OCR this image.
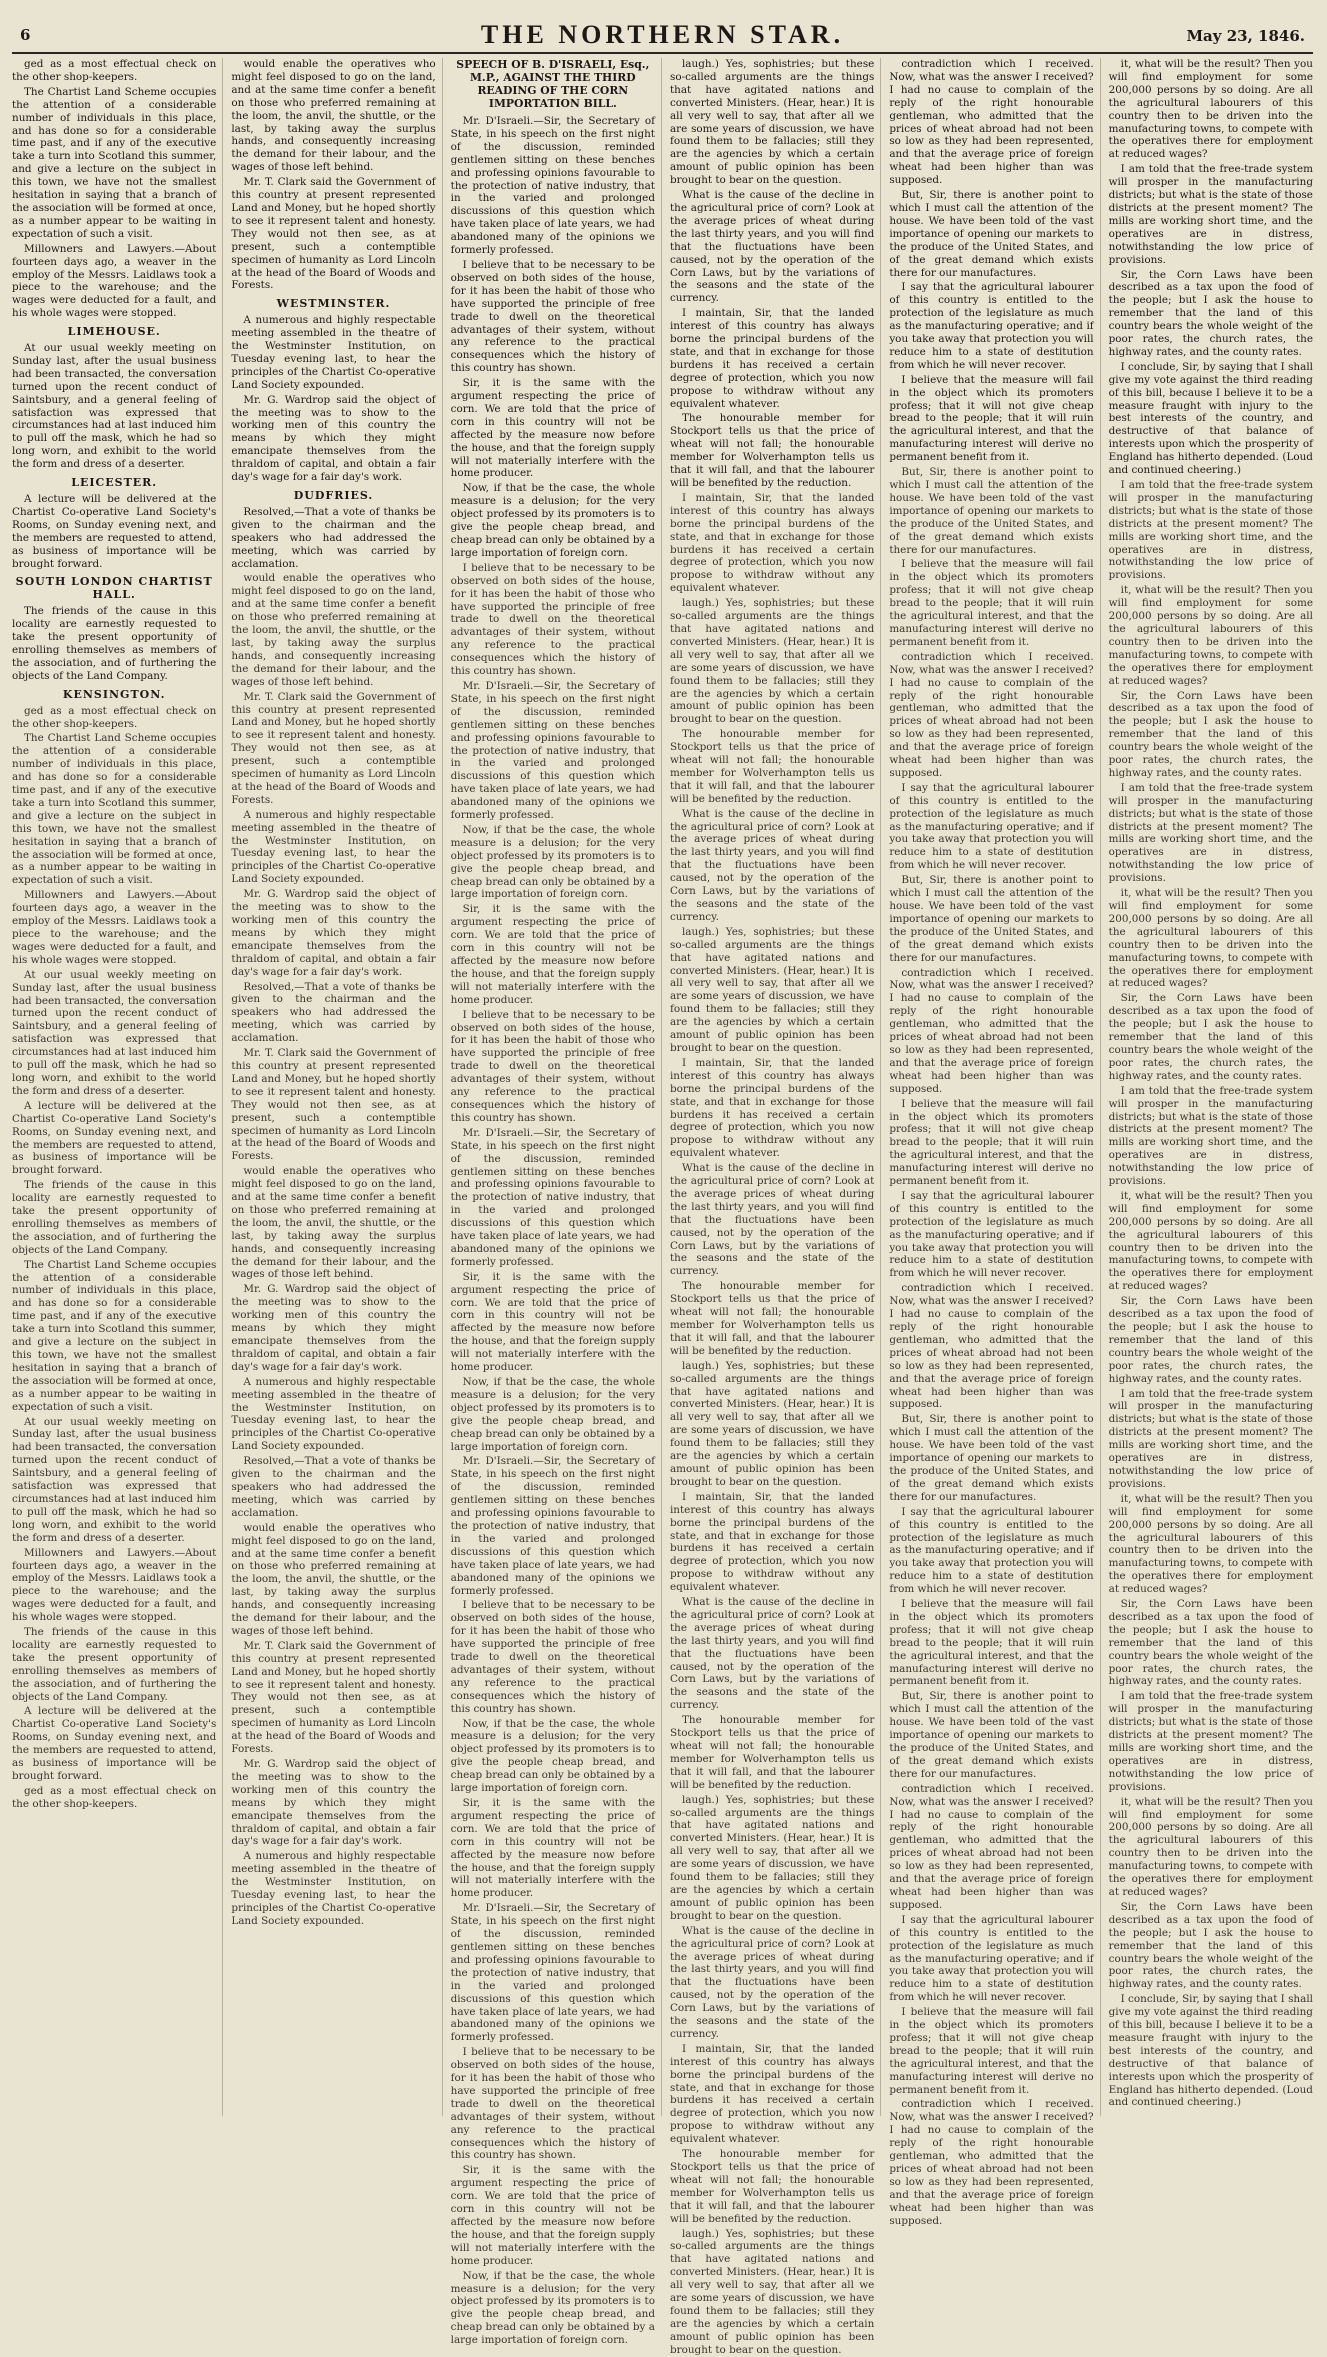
6	THE NORTHERN STAR.	May 23, 1846.

ged as a most effectual check on the other shop-keepers.

The Chartist Land Scheme occupies the attention of a considerable number of individuals in this place, and has done so for a considerable time past, and if any of the executive take a turn into Scotland this summer, and give a lecture on the subject in this town, we have not the smallest hesitation in saying that a branch of the association will be formed at once, as a number appear to be waiting in expectation of such a visit.

Millowners and Lawyers.—About fourteen days ago, a weaver in the employ of the Messrs. Laidlaws took a piece to the warehouse; and the wages were deducted for a fault, and his whole wages were stopped.

LIMEHOUSE.

At our usual weekly meeting on Sunday last, after the usual business had been transacted, the conversation turned upon the recent conduct of Saintsbury, and a general feeling of satisfaction was expressed that circumstances had at last induced him to pull off the mask, which he had so long worn, and exhibit to the world the form and dress of a deserter.

LEICESTER.

A lecture will be delivered at the Chartist Co-operative Land Society's Rooms, on Sunday evening next, and the members are requested to attend, as business of importance will be brought forward.

SOUTH LONDON CHARTIST HALL.

The friends of the cause in this locality are earnestly requested to take the present opportunity of enrolling themselves as members of the association, and of furthering the objects of the Land Company.

KENSINGTON.

ged as a most effectual check on the other shop-keepers.

The Chartist Land Scheme occupies the attention of a considerable number of individuals in this place, and has done so for a considerable time past, and if any of the executive take a turn into Scotland this summer, and give a lecture on the subject in this town, we have not the smallest hesitation in saying that a branch of the association will be formed at once, as a number appear to be waiting in expectation of such a visit.

Millowners and Lawyers.—About fourteen days ago, a weaver in the employ of the Messrs. Laidlaws took a piece to the warehouse; and the wages were deducted for a fault, and his whole wages were stopped.

At our usual weekly meeting on Sunday last, after the usual business had been transacted, the conversation turned upon the recent conduct of Saintsbury, and a general feeling of satisfaction was expressed that circumstances had at last induced him to pull off the mask, which he had so long worn, and exhibit to the world the form and dress of a deserter.

A lecture will be delivered at the Chartist Co-operative Land Society's Rooms, on Sunday evening next, and the members are requested to attend, as business of importance will be brought forward.

The friends of the cause in this locality are earnestly requested to take the present opportunity of enrolling themselves as members of the association, and of furthering the objects of the Land Company.

The Chartist Land Scheme occupies the attention of a considerable number of individuals in this place, and has done so for a considerable time past, and if any of the executive take a turn into Scotland this summer, and give a lecture on the subject in this town, we have not the smallest hesitation in saying that a branch of the association will be formed at once, as a number appear to be waiting in expectation of such a visit.

At our usual weekly meeting on Sunday last, after the usual business had been transacted, the conversation turned upon the recent conduct of Saintsbury, and a general feeling of satisfaction was expressed that circumstances had at last induced him to pull off the mask, which he had so long worn, and exhibit to the world the form and dress of a deserter.

Millowners and Lawyers.—About fourteen days ago, a weaver in the employ of the Messrs. Laidlaws took a piece to the warehouse; and the wages were deducted for a fault, and his whole wages were stopped.

The friends of the cause in this locality are earnestly requested to take the present opportunity of enrolling themselves as members of the association, and of furthering the objects of the Land Company.

A lecture will be delivered at the Chartist Co-operative Land Society's Rooms, on Sunday evening next, and the members are requested to attend, as business of importance will be brought forward.

ged as a most effectual check on the other shop-keepers.

would enable the operatives who might feel disposed to go on the land, and at the same time confer a benefit on those who preferred remaining at the loom, the anvil, the shuttle, or the last, by taking away the surplus hands, and consequently increasing the demand for their labour, and the wages of those left behind.

Mr. T. Clark said the Government of this country at present represented Land and Money, but he hoped shortly to see it represent talent and honesty. They would not then see, as at present, such a contemptible specimen of humanity as Lord Lincoln at the head of the Board of Woods and Forests.

WESTMINSTER.

A numerous and highly respectable meeting assembled in the theatre of the Westminster Institution, on Tuesday evening last, to hear the principles of the Chartist Co-operative Land Society expounded.

Mr. G. Wardrop said the object of the meeting was to show to the working men of this country the means by which they might emancipate themselves from the thraldom of capital, and obtain a fair day's wage for a fair day's work.

DUDFRIES.

Resolved,—That a vote of thanks be given to the chairman and the speakers who had addressed the meeting, which was carried by acclamation.

would enable the operatives who might feel disposed to go on the land, and at the same time confer a benefit on those who preferred remaining at the loom, the anvil, the shuttle, or the last, by taking away the surplus hands, and consequently increasing the demand for their labour, and the wages of those left behind.

Mr. T. Clark said the Government of this country at present represented Land and Money, but he hoped shortly to see it represent talent and honesty. They would not then see, as at present, such a contemptible specimen of humanity as Lord Lincoln at the head of the Board of Woods and Forests.

A numerous and highly respectable meeting assembled in the theatre of the Westminster Institution, on Tuesday evening last, to hear the principles of the Chartist Co-operative Land Society expounded.

Mr. G. Wardrop said the object of the meeting was to show to the working men of this country the means by which they might emancipate themselves from the thraldom of capital, and obtain a fair day's wage for a fair day's work.

Resolved,—That a vote of thanks be given to the chairman and the speakers who had addressed the meeting, which was carried by acclamation.

Mr. T. Clark said the Government of this country at present represented Land and Money, but he hoped shortly to see it represent talent and honesty. They would not then see, as at present, such a contemptible specimen of humanity as Lord Lincoln at the head of the Board of Woods and Forests.

would enable the operatives who might feel disposed to go on the land, and at the same time confer a benefit on those who preferred remaining at the loom, the anvil, the shuttle, or the last, by taking away the surplus hands, and consequently increasing the demand for their labour, and the wages of those left behind.

Mr. G. Wardrop said the object of the meeting was to show to the working men of this country the means by which they might emancipate themselves from the thraldom of capital, and obtain a fair day's wage for a fair day's work.

A numerous and highly respectable meeting assembled in the theatre of the Westminster Institution, on Tuesday evening last, to hear the principles of the Chartist Co-operative Land Society expounded.

Resolved,—That a vote of thanks be given to the chairman and the speakers who had addressed the meeting, which was carried by acclamation.

would enable the operatives who might feel disposed to go on the land, and at the same time confer a benefit on those who preferred remaining at the loom, the anvil, the shuttle, or the last, by taking away the surplus hands, and consequently increasing the demand for their labour, and the wages of those left behind.

Mr. T. Clark said the Government of this country at present represented Land and Money, but he hoped shortly to see it represent talent and honesty. They would not then see, as at present, such a contemptible specimen of humanity as Lord Lincoln at the head of the Board of Woods and Forests.

Mr. G. Wardrop said the object of the meeting was to show to the working men of this country the means by which they might emancipate themselves from the thraldom of capital, and obtain a fair day's wage for a fair day's work.

A numerous and highly respectable meeting assembled in the theatre of the Westminster Institution, on Tuesday evening last, to hear the principles of the Chartist Co-operative Land Society expounded.

SPEECH OF B. D'ISRAELI, Esq., M.P., AGAINST THE THIRD READING OF THE CORN IMPORTATION BILL.

Mr. D'Israeli.—Sir, the Secretary of State, in his speech on the first night of the discussion, reminded gentlemen sitting on these benches and professing opinions favourable to the protection of native industry, that in the varied and prolonged discussions of this question which have taken place of late years, we had abandoned many of the opinions we formerly professed.

I believe that to be necessary to be observed on both sides of the house, for it has been the habit of those who have supported the principle of free trade to dwell on the theoretical advantages of their system, without any reference to the practical consequences which the history of this country has shown.

Sir, it is the same with the argument respecting the price of corn. We are told that the price of corn in this country will not be affected by the measure now before the house, and that the foreign supply will not materially interfere with the home producer.

Now, if that be the case, the whole measure is a delusion; for the very object professed by its promoters is to give the people cheap bread, and cheap bread can only be obtained by a large importation of foreign corn.

I believe that to be necessary to be observed on both sides of the house, for it has been the habit of those who have supported the principle of free trade to dwell on the theoretical advantages of their system, without any reference to the practical consequences which the history of this country has shown.

Mr. D'Israeli.—Sir, the Secretary of State, in his speech on the first night of the discussion, reminded gentlemen sitting on these benches and professing opinions favourable to the protection of native industry, that in the varied and prolonged discussions of this question which have taken place of late years, we had abandoned many of the opinions we formerly professed.

Now, if that be the case, the whole measure is a delusion; for the very object professed by its promoters is to give the people cheap bread, and cheap bread can only be obtained by a large importation of foreign corn.

Sir, it is the same with the argument respecting the price of corn. We are told that the price of corn in this country will not be affected by the measure now before the house, and that the foreign supply will not materially interfere with the home producer.

I believe that to be necessary to be observed on both sides of the house, for it has been the habit of those who have supported the principle of free trade to dwell on the theoretical advantages of their system, without any reference to the practical consequences which the history of this country has shown.

Mr. D'Israeli.—Sir, the Secretary of State, in his speech on the first night of the discussion, reminded gentlemen sitting on these benches and professing opinions favourable to the protection of native industry, that in the varied and prolonged discussions of this question which have taken place of late years, we had abandoned many of the opinions we formerly professed.

Sir, it is the same with the argument respecting the price of corn. We are told that the price of corn in this country will not be affected by the measure now before the house, and that the foreign supply will not materially interfere with the home producer.

Now, if that be the case, the whole measure is a delusion; for the very object professed by its promoters is to give the people cheap bread, and cheap bread can only be obtained by a large importation of foreign corn.

Mr. D'Israeli.—Sir, the Secretary of State, in his speech on the first night of the discussion, reminded gentlemen sitting on these benches and professing opinions favourable to the protection of native industry, that in the varied and prolonged discussions of this question which have taken place of late years, we had abandoned many of the opinions we formerly professed.

I believe that to be necessary to be observed on both sides of the house, for it has been the habit of those who have supported the principle of free trade to dwell on the theoretical advantages of their system, without any reference to the practical consequences which the history of this country has shown.

Now, if that be the case, the whole measure is a delusion; for the very object professed by its promoters is to give the people cheap bread, and cheap bread can only be obtained by a large importation of foreign corn.

Sir, it is the same with the argument respecting the price of corn. We are told that the price of corn in this country will not be affected by the measure now before the house, and that the foreign supply will not materially interfere with the home producer.

Mr. D'Israeli.—Sir, the Secretary of State, in his speech on the first night of the discussion, reminded gentlemen sitting on these benches and professing opinions favourable to the protection of native industry, that in the varied and prolonged discussions of this question which have taken place of late years, we had abandoned many of the opinions we formerly professed.

I believe that to be necessary to be observed on both sides of the house, for it has been the habit of those who have supported the principle of free trade to dwell on the theoretical advantages of their system, without any reference to the practical consequences which the history of this country has shown.

Sir, it is the same with the argument respecting the price of corn. We are told that the price of corn in this country will not be affected by the measure now before the house, and that the foreign supply will not materially interfere with the home producer.

Now, if that be the case, the whole measure is a delusion; for the very object professed by its promoters is to give the people cheap bread, and cheap bread can only be obtained by a large importation of foreign corn.

laugh.) Yes, sophistries; but these so-called arguments are the things that have agitated nations and converted Ministers. (Hear, hear.) It is all very well to say, that after all we are some years of discussion, we have found them to be fallacies; still they are the agencies by which a certain amount of public opinion has been brought to bear on the question.

What is the cause of the decline in the agricultural price of corn? Look at the average prices of wheat during the last thirty years, and you will find that the fluctuations have been caused, not by the operation of the Corn Laws, but by the variations of the seasons and the state of the currency.

I maintain, Sir, that the landed interest of this country has always borne the principal burdens of the state, and that in exchange for those burdens it has received a certain degree of protection, which you now propose to withdraw without any equivalent whatever.

The honourable member for Stockport tells us that the price of wheat will not fall; the honourable member for Wolverhampton tells us that it will fall, and that the labourer will be benefited by the reduction.

I maintain, Sir, that the landed interest of this country has always borne the principal burdens of the state, and that in exchange for those burdens it has received a certain degree of protection, which you now propose to withdraw without any equivalent whatever.

laugh.) Yes, sophistries; but these so-called arguments are the things that have agitated nations and converted Ministers. (Hear, hear.) It is all very well to say, that after all we are some years of discussion, we have found them to be fallacies; still they are the agencies by which a certain amount of public opinion has been brought to bear on the question.

The honourable member for Stockport tells us that the price of wheat will not fall; the honourable member for Wolverhampton tells us that it will fall, and that the labourer will be benefited by the reduction.

What is the cause of the decline in the agricultural price of corn? Look at the average prices of wheat during the last thirty years, and you will find that the fluctuations have been caused, not by the operation of the Corn Laws, but by the variations of the seasons and the state of the currency.

laugh.) Yes, sophistries; but these so-called arguments are the things that have agitated nations and converted Ministers. (Hear, hear.) It is all very well to say, that after all we are some years of discussion, we have found them to be fallacies; still they are the agencies by which a certain amount of public opinion has been brought to bear on the question.

I maintain, Sir, that the landed interest of this country has always borne the principal burdens of the state, and that in exchange for those burdens it has received a certain degree of protection, which you now propose to withdraw without any equivalent whatever.

What is the cause of the decline in the agricultural price of corn? Look at the average prices of wheat during the last thirty years, and you will find that the fluctuations have been caused, not by the operation of the Corn Laws, but by the variations of the seasons and the state of the currency.

The honourable member for Stockport tells us that the price of wheat will not fall; the honourable member for Wolverhampton tells us that it will fall, and that the labourer will be benefited by the reduction.

laugh.) Yes, sophistries; but these so-called arguments are the things that have agitated nations and converted Ministers. (Hear, hear.) It is all very well to say, that after all we are some years of discussion, we have found them to be fallacies; still they are the agencies by which a certain amount of public opinion has been brought to bear on the question.

I maintain, Sir, that the landed interest of this country has always borne the principal burdens of the state, and that in exchange for those burdens it has received a certain degree of protection, which you now propose to withdraw without any equivalent whatever.

What is the cause of the decline in the agricultural price of corn? Look at the average prices of wheat during the last thirty years, and you will find that the fluctuations have been caused, not by the operation of the Corn Laws, but by the variations of the seasons and the state of the currency.

The honourable member for Stockport tells us that the price of wheat will not fall; the honourable member for Wolverhampton tells us that it will fall, and that the labourer will be benefited by the reduction.

laugh.) Yes, sophistries; but these so-called arguments are the things that have agitated nations and converted Ministers. (Hear, hear.) It is all very well to say, that after all we are some years of discussion, we have found them to be fallacies; still they are the agencies by which a certain amount of public opinion has been brought to bear on the question.

What is the cause of the decline in the agricultural price of corn? Look at the average prices of wheat during the last thirty years, and you will find that the fluctuations have been caused, not by the operation of the Corn Laws, but by the variations of the seasons and the state of the currency.

I maintain, Sir, that the landed interest of this country has always borne the principal burdens of the state, and that in exchange for those burdens it has received a certain degree of protection, which you now propose to withdraw without any equivalent whatever.

The honourable member for Stockport tells us that the price of wheat will not fall; the honourable member for Wolverhampton tells us that it will fall, and that the labourer will be benefited by the reduction.

laugh.) Yes, sophistries; but these so-called arguments are the things that have agitated nations and converted Ministers. (Hear, hear.) It is all very well to say, that after all we are some years of discussion, we have found them to be fallacies; still they are the agencies by which a certain amount of public opinion has been brought to bear on the question.

contradiction which I received. Now, what was the answer I received? I had no cause to complain of the reply of the right honourable gentleman, who admitted that the prices of wheat abroad had not been so low as they had been represented, and that the average price of foreign wheat had been higher than was supposed.

But, Sir, there is another point to which I must call the attention of the house. We have been told of the vast importance of opening our markets to the produce of the United States, and of the great demand which exists there for our manufactures.

I say that the agricultural labourer of this country is entitled to the protection of the legislature as much as the manufacturing operative; and if you take away that protection you will reduce him to a state of destitution from which he will never recover.

I believe that the measure will fail in the object which its promoters profess; that it will not give cheap bread to the people; that it will ruin the agricultural interest, and that the manufacturing interest will derive no permanent benefit from it.

But, Sir, there is another point to which I must call the attention of the house. We have been told of the vast importance of opening our markets to the produce of the United States, and of the great demand which exists there for our manufactures.

I believe that the measure will fail in the object which its promoters profess; that it will not give cheap bread to the people; that it will ruin the agricultural interest, and that the manufacturing interest will derive no permanent benefit from it.

contradiction which I received. Now, what was the answer I received? I had no cause to complain of the reply of the right honourable gentleman, who admitted that the prices of wheat abroad had not been so low as they had been represented, and that the average price of foreign wheat had been higher than was supposed.

I say that the agricultural labourer of this country is entitled to the protection of the legislature as much as the manufacturing operative; and if you take away that protection you will reduce him to a state of destitution from which he will never recover.

But, Sir, there is another point to which I must call the attention of the house. We have been told of the vast importance of opening our markets to the produce of the United States, and of the great demand which exists there for our manufactures.

contradiction which I received. Now, what was the answer I received? I had no cause to complain of the reply of the right honourable gentleman, who admitted that the prices of wheat abroad had not been so low as they had been represented, and that the average price of foreign wheat had been higher than was supposed.

I believe that the measure will fail in the object which its promoters profess; that it will not give cheap bread to the people; that it will ruin the agricultural interest, and that the manufacturing interest will derive no permanent benefit from it.

I say that the agricultural labourer of this country is entitled to the protection of the legislature as much as the manufacturing operative; and if you take away that protection you will reduce him to a state of destitution from which he will never recover.

contradiction which I received. Now, what was the answer I received? I had no cause to complain of the reply of the right honourable gentleman, who admitted that the prices of wheat abroad had not been so low as they had been represented, and that the average price of foreign wheat had been higher than was supposed.

But, Sir, there is another point to which I must call the attention of the house. We have been told of the vast importance of opening our markets to the produce of the United States, and of the great demand which exists there for our manufactures.

I say that the agricultural labourer of this country is entitled to the protection of the legislature as much as the manufacturing operative; and if you take away that protection you will reduce him to a state of destitution from which he will never recover.

I believe that the measure will fail in the object which its promoters profess; that it will not give cheap bread to the people; that it will ruin the agricultural interest, and that the manufacturing interest will derive no permanent benefit from it.

But, Sir, there is another point to which I must call the attention of the house. We have been told of the vast importance of opening our markets to the produce of the United States, and of the great demand which exists there for our manufactures.

contradiction which I received. Now, what was the answer I received? I had no cause to complain of the reply of the right honourable gentleman, who admitted that the prices of wheat abroad had not been so low as they had been represented, and that the average price of foreign wheat had been higher than was supposed.

I say that the agricultural labourer of this country is entitled to the protection of the legislature as much as the manufacturing operative; and if you take away that protection you will reduce him to a state of destitution from which he will never recover.

I believe that the measure will fail in the object which its promoters profess; that it will not give cheap bread to the people; that it will ruin the agricultural interest, and that the manufacturing interest will derive no permanent benefit from it.

contradiction which I received. Now, what was the answer I received? I had no cause to complain of the reply of the right honourable gentleman, who admitted that the prices of wheat abroad had not been so low as they had been represented, and that the average price of foreign wheat had been higher than was supposed.

it, what will be the result? Then you will find employment for some 200,000 persons by so doing. Are all the agricultural labourers of this country then to be driven into the manufacturing towns, to compete with the operatives there for employment at reduced wages?

I am told that the free-trade system will prosper in the manufacturing districts; but what is the state of those districts at the present moment? The mills are working short time, and the operatives are in distress, notwithstanding the low price of provisions.

Sir, the Corn Laws have been described as a tax upon the food of the people; but I ask the house to remember that the land of this country bears the whole weight of the poor rates, the church rates, the highway rates, and the county rates.

I conclude, Sir, by saying that I shall give my vote against the third reading of this bill, because I believe it to be a measure fraught with injury to the best interests of the country, and destructive of that balance of interests upon which the prosperity of England has hitherto depended. (Loud and continued cheering.)

I am told that the free-trade system will prosper in the manufacturing districts; but what is the state of those districts at the present moment? The mills are working short time, and the operatives are in distress, notwithstanding the low price of provisions.

it, what will be the result? Then you will find employment for some 200,000 persons by so doing. Are all the agricultural labourers of this country then to be driven into the manufacturing towns, to compete with the operatives there for employment at reduced wages?

Sir, the Corn Laws have been described as a tax upon the food of the people; but I ask the house to remember that the land of this country bears the whole weight of the poor rates, the church rates, the highway rates, and the county rates.

I am told that the free-trade system will prosper in the manufacturing districts; but what is the state of those districts at the present moment? The mills are working short time, and the operatives are in distress, notwithstanding the low price of provisions.

it, what will be the result? Then you will find employment for some 200,000 persons by so doing. Are all the agricultural labourers of this country then to be driven into the manufacturing towns, to compete with the operatives there for employment at reduced wages?

Sir, the Corn Laws have been described as a tax upon the food of the people; but I ask the house to remember that the land of this country bears the whole weight of the poor rates, the church rates, the highway rates, and the county rates.

I am told that the free-trade system will prosper in the manufacturing districts; but what is the state of those districts at the present moment? The mills are working short time, and the operatives are in distress, notwithstanding the low price of provisions.

it, what will be the result? Then you will find employment for some 200,000 persons by so doing. Are all the agricultural labourers of this country then to be driven into the manufacturing towns, to compete with the operatives there for employment at reduced wages?

Sir, the Corn Laws have been described as a tax upon the food of the people; but I ask the house to remember that the land of this country bears the whole weight of the poor rates, the church rates, the highway rates, and the county rates.

I am told that the free-trade system will prosper in the manufacturing districts; but what is the state of those districts at the present moment? The mills are working short time, and the operatives are in distress, notwithstanding the low price of provisions.

it, what will be the result? Then you will find employment for some 200,000 persons by so doing. Are all the agricultural labourers of this country then to be driven into the manufacturing towns, to compete with the operatives there for employment at reduced wages?

Sir, the Corn Laws have been described as a tax upon the food of the people; but I ask the house to remember that the land of this country bears the whole weight of the poor rates, the church rates, the highway rates, and the county rates.

I am told that the free-trade system will prosper in the manufacturing districts; but what is the state of those districts at the present moment? The mills are working short time, and the operatives are in distress, notwithstanding the low price of provisions.

it, what will be the result? Then you will find employment for some 200,000 persons by so doing. Are all the agricultural labourers of this country then to be driven into the manufacturing towns, to compete with the operatives there for employment at reduced wages?

Sir, the Corn Laws have been described as a tax upon the food of the people; but I ask the house to remember that the land of this country bears the whole weight of the poor rates, the church rates, the highway rates, and the county rates.

I conclude, Sir, by saying that I shall give my vote against the third reading of this bill, because I believe it to be a measure fraught with injury to the best interests of the country, and destructive of that balance of interests upon which the prosperity of England has hitherto depended. (Loud and continued cheering.)
